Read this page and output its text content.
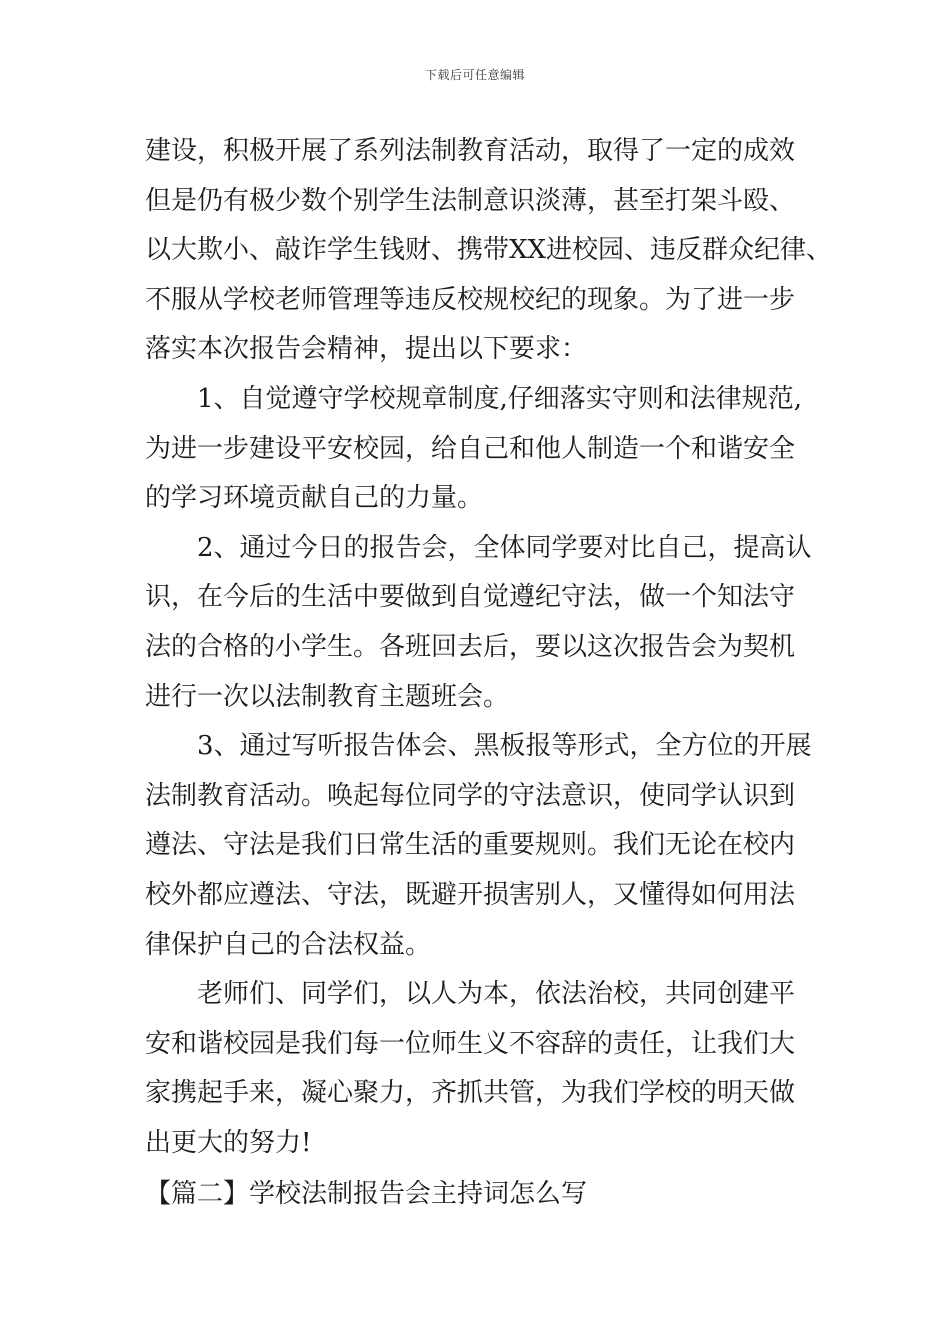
下载后可任意编辑
建设，积极开展了系列法制教育活动，取得了一定的成效
但是仍有极少数个别学生法制意识淡薄，甚至打架斗殴、
以大欺小、敲诈学生钱财、携带XX进校园、违反群众纪律、
不服从学校老师管理等违反校规校纪的现象。为了进一步
落实本次报告会精神，提出以下要求：
1、自觉遵守学校规章制度,仔细落实守则和法律规范,
为进一步建设平安校园，给自己和他人制造一个和谐安全
的学习环境贡献自己的力量。
2、通过今日的报告会，全体同学要对比自己，提高认
识，在今后的生活中要做到自觉遵纪守法，做一个知法守
法的合格的小学生。各班回去后，要以这次报告会为契机
进行一次以法制教育主题班会。
3、通过写听报告体会、黑板报等形式，全方位的开展
法制教育活动。唤起每位同学的守法意识，使同学认识到
遵法、守法是我们日常生活的重要规则。我们无论在校内
校外都应遵法、守法，既避开损害别人，又懂得如何用法
律保护自己的合法权益。
老师们、同学们，以人为本，依法治校，共同创建平
安和谐校园是我们每一位师生义不容辞的责任，让我们大
家携起手来，凝心聚力，齐抓共管，为我们学校的明天做
出更大的努力!
【篇二】学校法制报告会主持词怎么写
